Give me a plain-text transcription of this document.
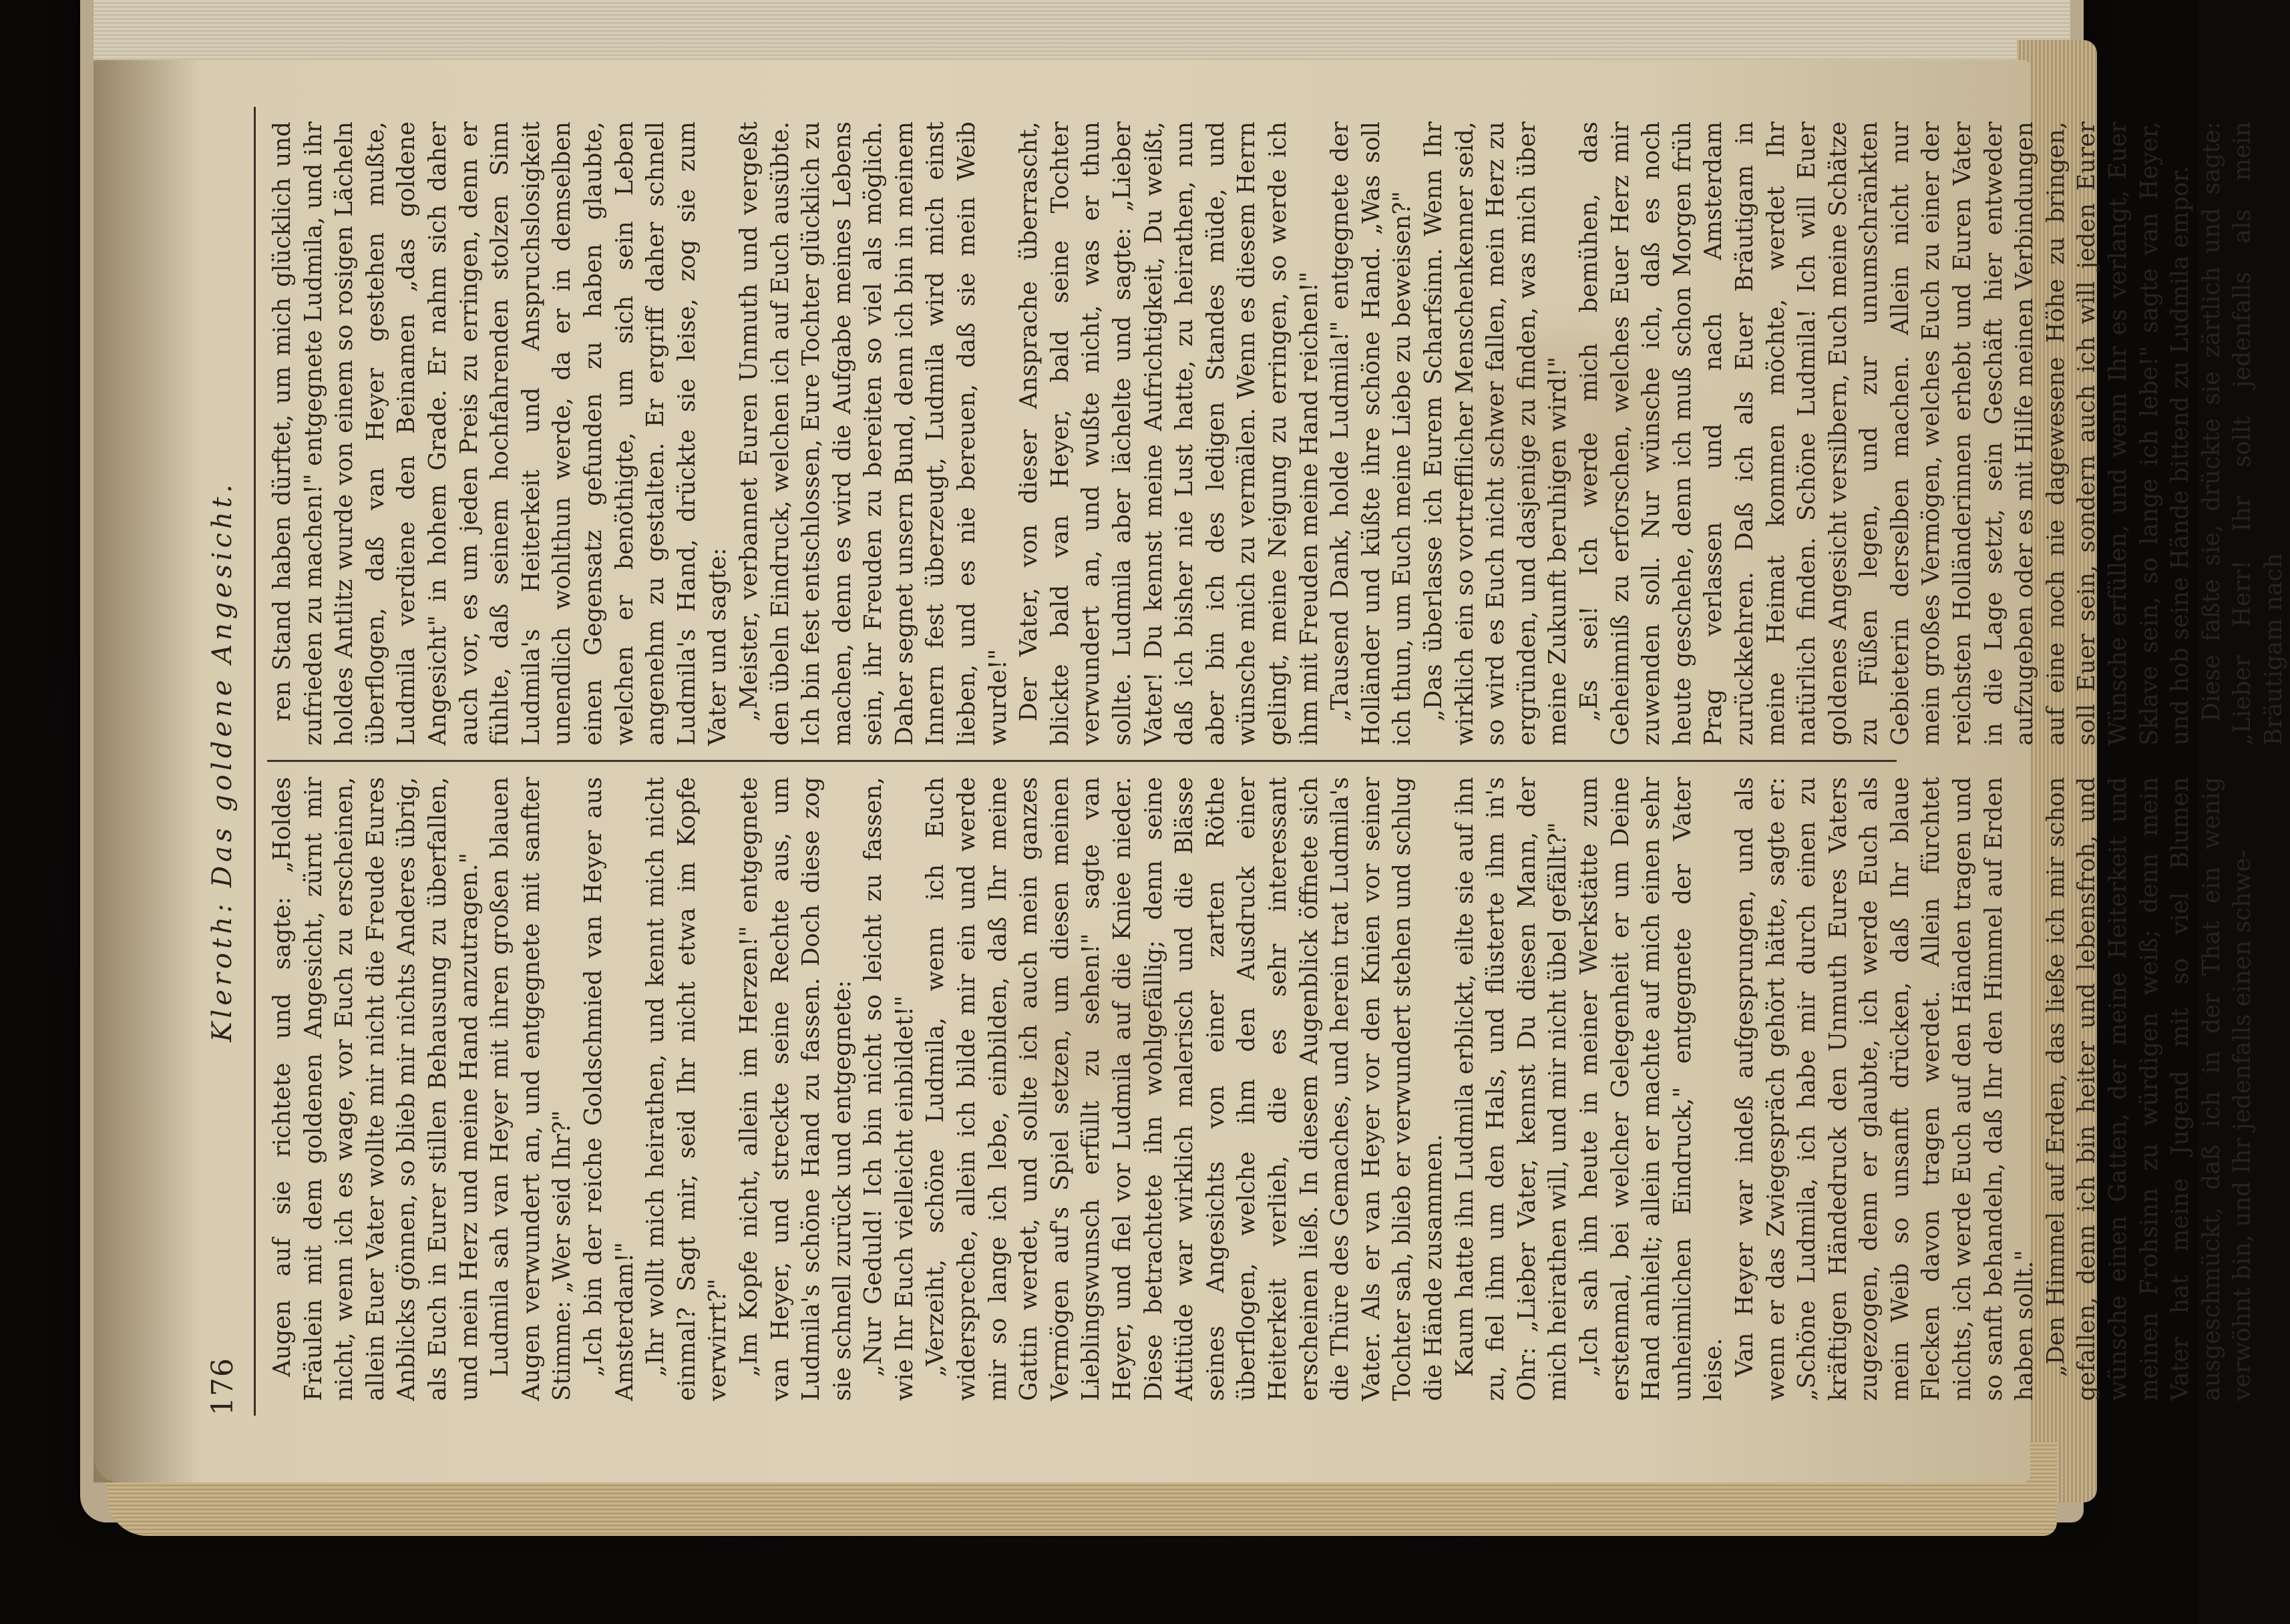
176
Kleroth: Das goldene Angesicht.

Augen auf sie richtete und sagte: „Holdes Fräulein mit dem goldenen Angesicht, zürnt mir nicht, wenn ich es wage, vor Euch zu erscheinen, allein Euer Vater wollte mir nicht die Freude Eures Anblicks gönnen, so blieb mir nichts Anderes übrig, als Euch in Eurer stillen Behausung zu überfallen, und mein Herz und meine Hand anzutragen." Ludmila sah van Heyer mit ihren großen blauen Augen verwundert an, und entgegnete mit sanfter Stimme: „Wer seid Ihr?" „Ich bin der reiche Goldschmied van Heyer aus Amsterdam!" „Ihr wollt mich heirathen, und kennt mich nicht einmal? Sagt mir, seid Ihr nicht etwa im Kopfe verwirrt?" „Im Kopfe nicht, allein im Herzen!" entgegnete van Heyer, und streckte seine Rechte aus, um Ludmila's schöne Hand zu fassen. Doch diese zog sie schnell zurück und entgegnete: „Nur Geduld! Ich bin nicht so leicht zu fassen, wie Ihr Euch vielleicht einbildet!" „Verzeiht, schöne Ludmila, wenn ich Euch widerspreche, allein ich bilde mir ein und werde mir so lange ich lebe, einbilden, daß Ihr meine Gattin werdet, und sollte ich auch mein ganzes Vermögen auf's Spiel setzen, um diesen meinen Lieblingswunsch erfüllt zu sehen!" sagte van Heyer, und fiel vor Ludmila auf die Kniee nieder. Diese betrachtete ihn wohlgefällig; denn seine Attitüde war wirklich malerisch und die Blässe seines Angesichts von einer zarten Röthe überflogen, welche ihm den Ausdruck einer Heiterkeit verlieh, die es sehr interessant erscheinen ließ. In diesem Augenblick öffnete sich die Thüre des Gemaches, und herein trat Ludmila's Vater. Als er van Heyer vor den Knien vor seiner Tochter sah, blieb er verwundert stehen und schlug die Hände zusammen. Kaum hatte ihn Ludmila erblickt, eilte sie auf ihn zu, fiel ihm um den Hals, und flüsterte ihm in's Ohr: „Lieber Vater, kennst Du diesen Mann, der mich heirathen will, und mir nicht übel gefällt?" „Ich sah ihn heute in meiner Werkstätte zum erstenmal, bei welcher Gelegenheit er um Deine Hand anhielt; allein er machte auf mich einen sehr unheimlichen Eindruck," entgegnete der Vater leise. Van Heyer war indeß aufgesprungen, und als wenn er das Zwiegespräch gehört hätte, sagte er: „Schöne Ludmila, ich habe mir durch einen zu kräftigen Händedruck den Unmuth Eures Vaters zugezogen, denn er glaubte, ich werde Euch als mein Weib so unsanft drücken, daß Ihr blaue Flecken davon tragen werdet. Allein fürchtet nichts, ich werde Euch auf den Händen tragen und so sanft behandeln, daß Ihr den Himmel auf Erden haben sollt." „Den Himmel auf Erden, das ließe ich mir schon gefallen, denn ich bin heiter und lebensfroh, und wünsche einen Gatten, der meine Heiterkeit und meinen Frohsinn zu würdigen weiß; denn mein Vater hat meine Jugend mit so viel Blumen ausgeschmückt, daß ich in der That ein wenig verwöhnt bin, und Ihr jedenfalls einen schwe-

ren Stand haben dürftet, um mich glücklich und zufrieden zu machen!" entgegnete Ludmila, und ihr holdes Antlitz wurde von einem so rosigen Lächeln überflogen, daß van Heyer gestehen mußte, Ludmila verdiene den Beinamen „das goldene Angesicht" in hohem Grade. Er nahm sich daher auch vor, es um jeden Preis zu erringen, denn er fühlte, daß seinem hochfahrenden stolzen Sinn Ludmila's Heiterkeit und Anspruchslosigkeit unendlich wohlthun werde, da er in demselben einen Gegensatz gefunden zu haben glaubte, welchen er benöthigte, um sich sein Leben angenehm zu gestalten. Er ergriff daher schnell Ludmila's Hand, drückte sie leise, zog sie zum Vater und sagte: „Meister, verbannet Euren Unmuth und vergeßt den übeln Eindruck, welchen ich auf Euch ausübte. Ich bin fest entschlossen, Eure Tochter glücklich zu machen, denn es wird die Aufgabe meines Lebens sein, ihr Freuden zu bereiten so viel als möglich. Daher segnet unsern Bund, denn ich bin in meinem Innern fest überzeugt, Ludmila wird mich einst lieben, und es nie bereuen, daß sie mein Weib wurde!" Der Vater, von dieser Ansprache überrascht, blickte bald van Heyer, bald seine Tochter verwundert an, und wußte nicht, was er thun sollte. Ludmila aber lächelte und sagte: „Lieber Vater! Du kennst meine Aufrichtigkeit, Du weißt, daß ich bisher nie Lust hatte, zu heirathen, nun aber bin ich des ledigen Standes müde, und wünsche mich zu vermälen. Wenn es diesem Herrn gelingt, meine Neigung zu erringen, so werde ich ihm mit Freuden meine Hand reichen!" „Tausend Dank, holde Ludmila!" entgegnete der Holländer und küßte ihre schöne Hand. „Was soll ich thun, um Euch meine Liebe zu beweisen?" „Das überlasse ich Eurem Scharfsinn. Wenn Ihr wirklich ein so vortrefflicher Menschenkenner seid, so wird es Euch nicht schwer fallen, mein Herz zu ergründen, und dasjenige zu finden, was mich über meine Zukunft beruhigen wird!" „Es sei! Ich werde mich bemühen, das Geheimniß zu erforschen, welches Euer Herz mir zuwenden soll. Nur wünsche ich, daß es noch heute geschehe, denn ich muß schon Morgen früh Prag verlassen und nach Amsterdam zurückkehren. Daß ich als Euer Bräutigam in meine Heimat kommen möchte, werdet Ihr natürlich finden. Schöne Ludmila! Ich will Euer goldenes Angesicht versilbern, Euch meine Schätze zu Füßen legen, und zur unumschränkten Gebieterin derselben machen. Allein nicht nur mein großes Vermögen, welches Euch zu einer der reichsten Holländerinnen erhebt und Euren Vater in die Lage setzt, sein Geschäft hier entweder aufzugeben oder es mit Hilfe meinen Verbindungen auf eine noch nie dagewesene Höhe zu bringen, soll Euer sein, sondern auch ich will jeden Eurer Wünsche erfüllen, und wenn Ihr es verlangt, Euer Sklave sein, so lange ich lebe!" sagte van Heyer, und hob seine Hände bittend zu Ludmila empor. Diese faßte sie, drückte sie zärtlich und sagte: „Lieber Herr! Ihr sollt jedenfalls als mein Bräutigam nach
